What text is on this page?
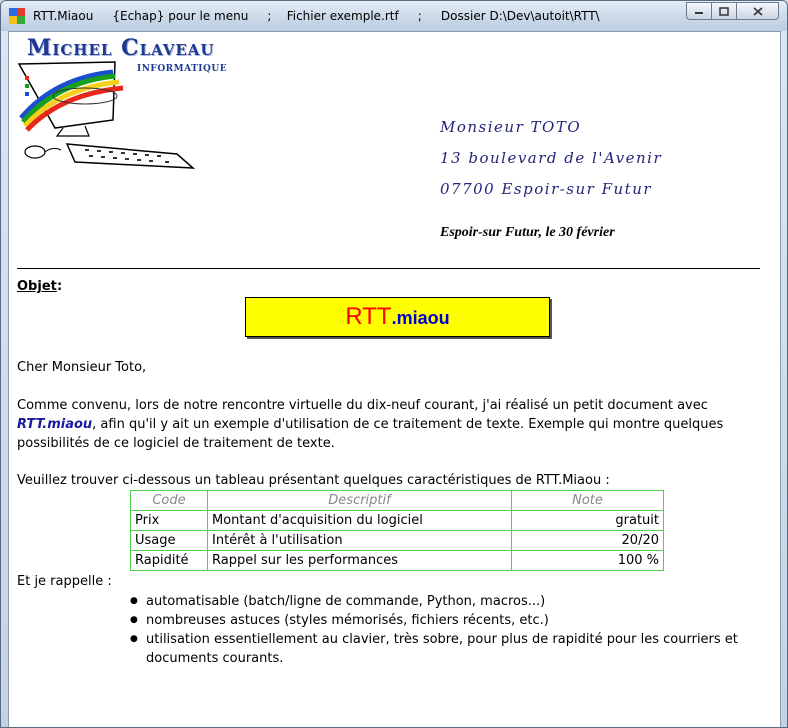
RTT.Miaou     {Echap} pour le menu     ;    Fichier exemple.rtf     ;     Dossier D:\Dev\autoit\RTT\
Michel Claveau
informatique
Monsieur TOTO
13 boulevard de l'Avenir
07700 Espoir-sur Futur
Espoir-sur Futur, le 30 février
Objet :
RTT.miaou
Cher Monsieur Toto,
Comme convenu, lors de notre rencontre virtuelle du dix-neuf courant, j'ai réalisé un petit document avec
RTT.miaou, afin qu'il y ait un exemple d'utilisation de ce traitement de texte. Exemple qui montre quelques possibilités de ce logiciel de traitement de texte.
Veuillez trouver ci-dessous un tableau présentant quelques caractéristiques de RTT.Miaou :
Code	Descriptif	Note
Prix	Montant d'acquisition du logiciel	gratuit
Usage	Intérêt à l'utilisation	20/20
Rapidité	Rappel sur les performances	100 %
Et je rappelle :
● automatisable (batch/ligne de commande, Python, macros...)
● nombreuses astuces (styles mémorisés, fichiers récents, etc.)
● utilisation essentiellement au clavier, très sobre, pour plus de rapidité pour les courriers et documents courants.
